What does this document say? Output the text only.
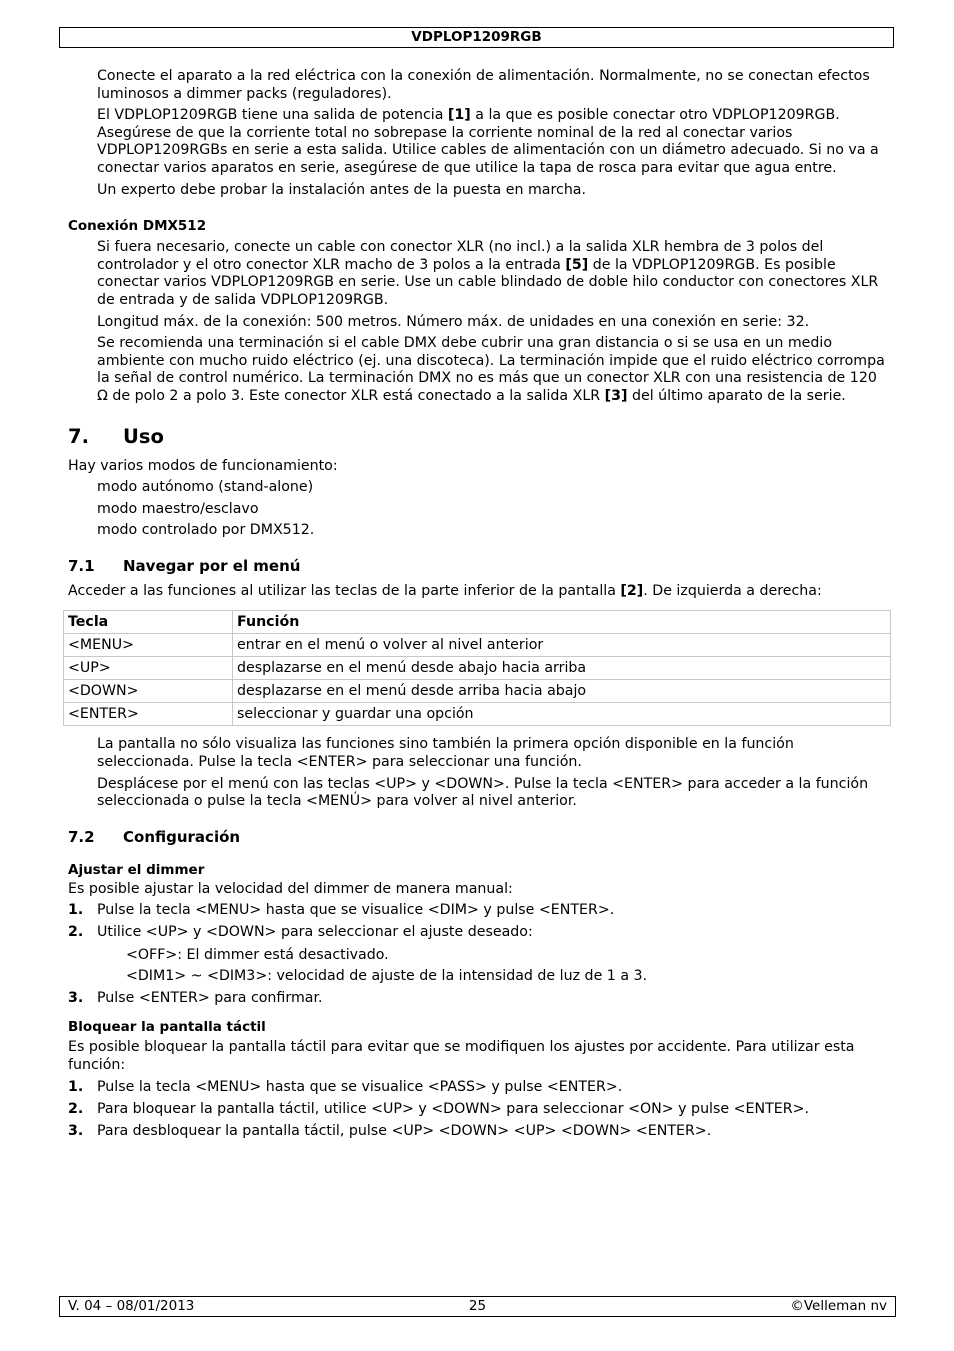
VDPLOP1209RGB

Conecte el aparato a la red eléctrica con la conexión de alimentación. Normalmente, no se conectan efectos luminosos a dimmer packs (reguladores).

El VDPLOP1209RGB tiene una salida de potencia [1] a la que es posible conectar otro VDPLOP1209RGB. Asegúrese de que la corriente total no sobrepase la corriente nominal de la red al conectar varios VDPLOP1209RGBs en serie a esta salida. Utilice cables de alimentación con un diámetro adecuado. Si no va a conectar varios aparatos en serie, asegúrese de que utilice la tapa de rosca para evitar que agua entre.

Un experto debe probar la instalación antes de la puesta en marcha.

Conexión DMX512

Si fuera necesario, conecte un cable con conector XLR (no incl.) a la salida XLR hembra de 3 polos del controlador y el otro conector XLR macho de 3 polos a la entrada [5] de la VDPLOP1209RGB. Es posible conectar varios VDPLOP1209RGB en serie. Use un cable blindado de doble hilo conductor con conectores XLR de entrada y de salida VDPLOP1209RGB.

Longitud máx. de la conexión: 500 metros. Número máx. de unidades en una conexión en serie: 32.

Se recomienda una terminación si el cable DMX debe cubrir una gran distancia o si se usa en un medio ambiente con mucho ruido eléctrico (ej. una discoteca). La terminación impide que el ruido eléctrico corrompa la señal de control numérico. La terminación DMX no es más que un conector XLR con una resistencia de 120 Ω de polo 2 a polo 3. Este conector XLR está conectado a la salida XLR [3] del último aparato de la serie.

7.	Uso

Hay varios modos de funcionamiento:

modo autónomo (stand-alone)

modo maestro/esclavo

modo controlado por DMX512.

7.1	Navegar por el menú

Acceder a las funciones al utilizar las teclas de la parte inferior de la pantalla [2]. De izquierda a derecha:

Tecla	Función
<MENU>	entrar en el menú o volver al nivel anterior
<UP>	desplazarse en el menú desde abajo hacia arriba
<DOWN>	desplazarse en el menú desde arriba hacia abajo
<ENTER>	seleccionar y guardar una opción

La pantalla no sólo visualiza las funciones sino también la primera opción disponible en la función seleccionada. Pulse la tecla <ENTER> para seleccionar una función.

Desplácese por el menú con las teclas <UP> y <DOWN>. Pulse la tecla <ENTER> para acceder a la función seleccionada o pulse la tecla <MENÚ> para volver al nivel anterior.

7.2	Configuración
Ajustar el dimmer

Es posible ajustar la velocidad del dimmer de manera manual:

1. Pulse la tecla <MENU> hasta que se visualice <DIM> y pulse <ENTER>.
2. Utilice <UP> y <DOWN> para seleccionar el ajuste deseado:

<OFF>: El dimmer está desactivado.

<DIM1> ~ <DIM3>: velocidad de ajuste de la intensidad de luz de 1 a 3.

3. Pulse <ENTER> para confirmar.
Bloquear la pantalla táctil

Es posible bloquear la pantalla táctil para evitar que se modifiquen los ajustes por accidente. Para utilizar esta función:

1. Pulse la tecla <MENU> hasta que se visualice <PASS> y pulse <ENTER>.
2. Para bloquear la pantalla táctil, utilice <UP> y <DOWN> para seleccionar <ON> y pulse <ENTER>.
3. Para desbloquear la pantalla táctil, pulse <UP> <DOWN> <UP> <DOWN> <ENTER>.
V. 04 – 08/01/2013	25	©Velleman nv
